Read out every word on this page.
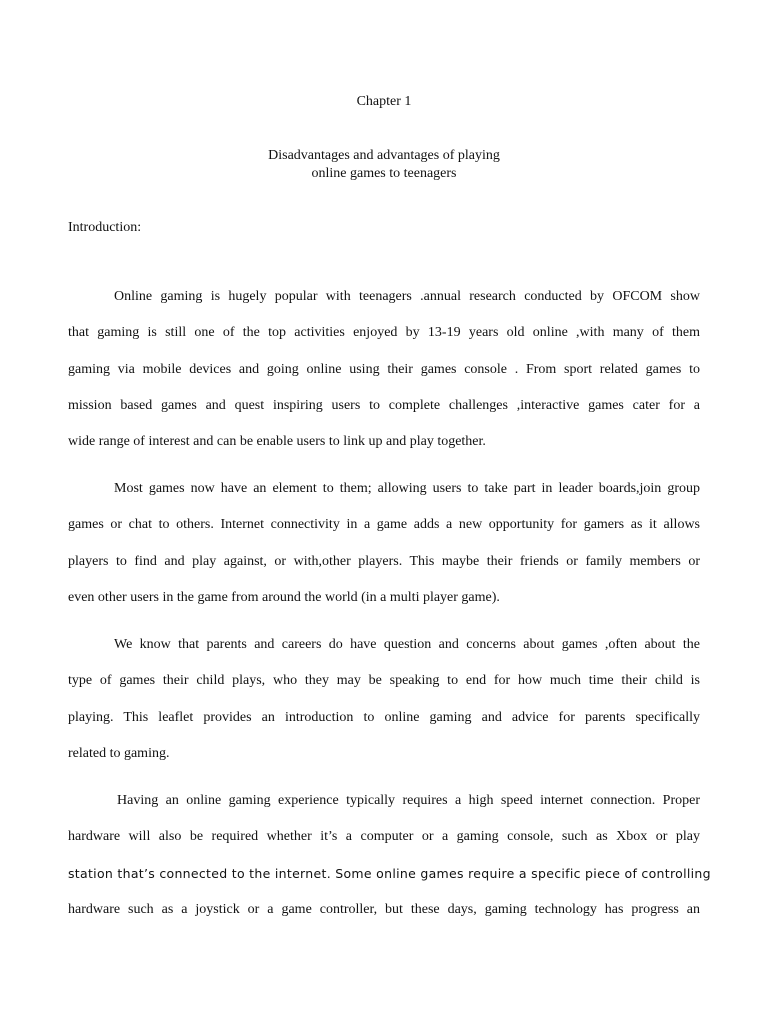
Chapter 1
Disadvantages and advantages of playing
online games to teenagers
Introduction:
Online gaming is hugely popular with teenagers .annual research conducted by OFCOM show
that gaming is still one of the top activities enjoyed by 13-19 years old online ,with many of them
gaming via mobile devices and going online using their games console . From sport related games to
mission based games and quest inspiring users to complete challenges ,interactive games cater for a
wide range of interest and can be enable users to link up and play together.
Most games now have an element to them; allowing users to take part in leader boards,join group
games or chat to others. Internet connectivity in a game adds a new opportunity for gamers as it allows
players to find and play against, or with,other players. This maybe their friends or family members or
even other users in the game from around the world (in a multi player game).
We know that parents and careers do have question and concerns about games ,often about the
type of games their child plays, who they may be speaking to end for how much time their child is
playing. This leaflet provides an introduction to online gaming and advice for parents specifically
related to gaming.
Having an online gaming experience typically requires a high speed internet connection. Proper
hardware will also be required whether it’s a computer or a gaming console, such as Xbox or play
station that’s connected to the internet. Some online games require a specific piece of controlling
hardware such as a joystick or a game controller, but these days, gaming technology has progress an
